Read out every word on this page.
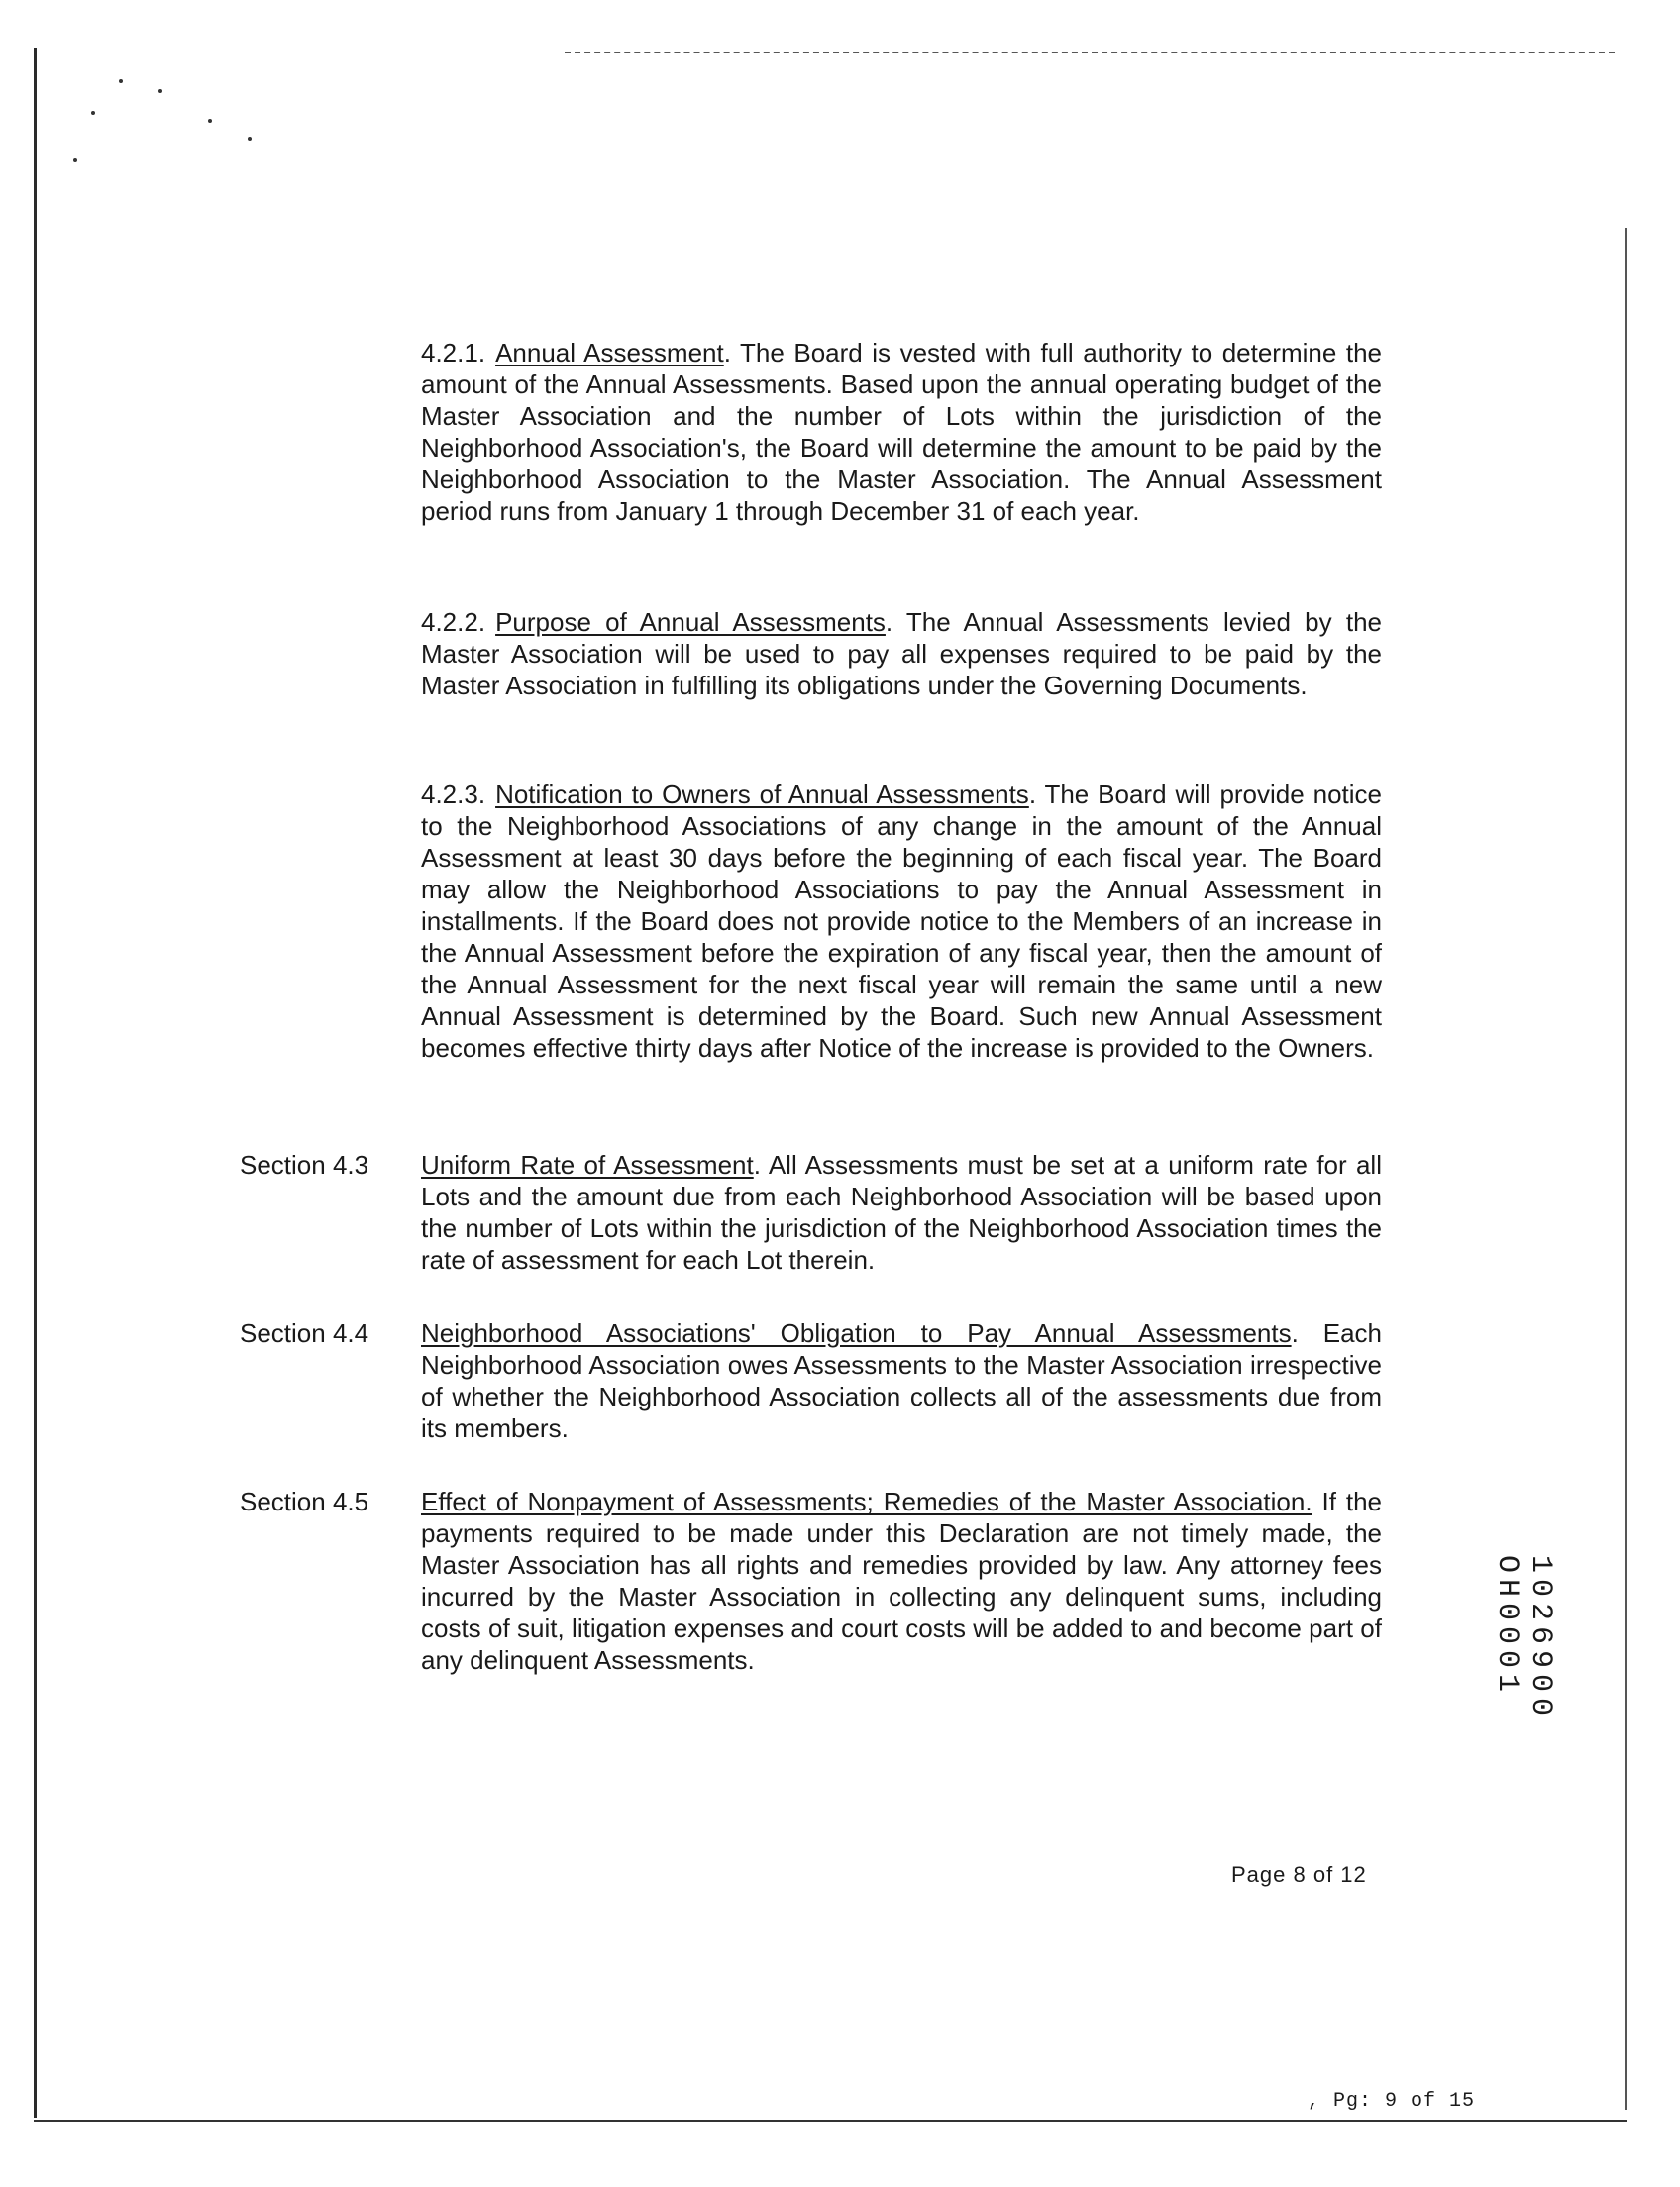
4.2.1. Annual Assessment. The Board is vested with full authority to determine the amount of the Annual Assessments. Based upon the annual operating budget of the Master Association and the number of Lots within the jurisdiction of the Neighborhood Association's, the Board will determine the amount to be paid by the Neighborhood Association to the Master Association. The Annual Assessment period runs from January 1 through December 31 of each year.
4.2.2. Purpose of Annual Assessments. The Annual Assessments levied by the Master Association will be used to pay all expenses required to be paid by the Master Association in fulfilling its obligations under the Governing Documents.
4.2.3. Notification to Owners of Annual Assessments. The Board will provide notice to the Neighborhood Associations of any change in the amount of the Annual Assessment at least 30 days before the beginning of each fiscal year. The Board may allow the Neighborhood Associations to pay the Annual Assessment in installments. If the Board does not provide notice to the Members of an increase in the Annual Assessment before the expiration of any fiscal year, then the amount of the Annual Assessment for the next fiscal year will remain the same until a new Annual Assessment is determined by the Board. Such new Annual Assessment becomes effective thirty days after Notice of the increase is provided to the Owners.
Section 4.3 Uniform Rate of Assessment. All Assessments must be set at a uniform rate for all Lots and the amount due from each Neighborhood Association will be based upon the number of Lots within the jurisdiction of the Neighborhood Association times the rate of assessment for each Lot therein.
Section 4.4 Neighborhood Associations' Obligation to Pay Annual Assessments. Each Neighborhood Association owes Assessments to the Master Association irrespective of whether the Neighborhood Association collects all of the assessments due from its members.
Section 4.5 Effect of Nonpayment of Assessments; Remedies of the Master Association. If the payments required to be made under this Declaration are not timely made, the Master Association has all rights and remedies provided by law. Any attorney fees incurred by the Master Association in collecting any delinquent sums, including costs of suit, litigation expenses and court costs will be added to and become part of any delinquent Assessments.
Page 8 of 12
, Pg: 9 of 15
1026900 OH0001
